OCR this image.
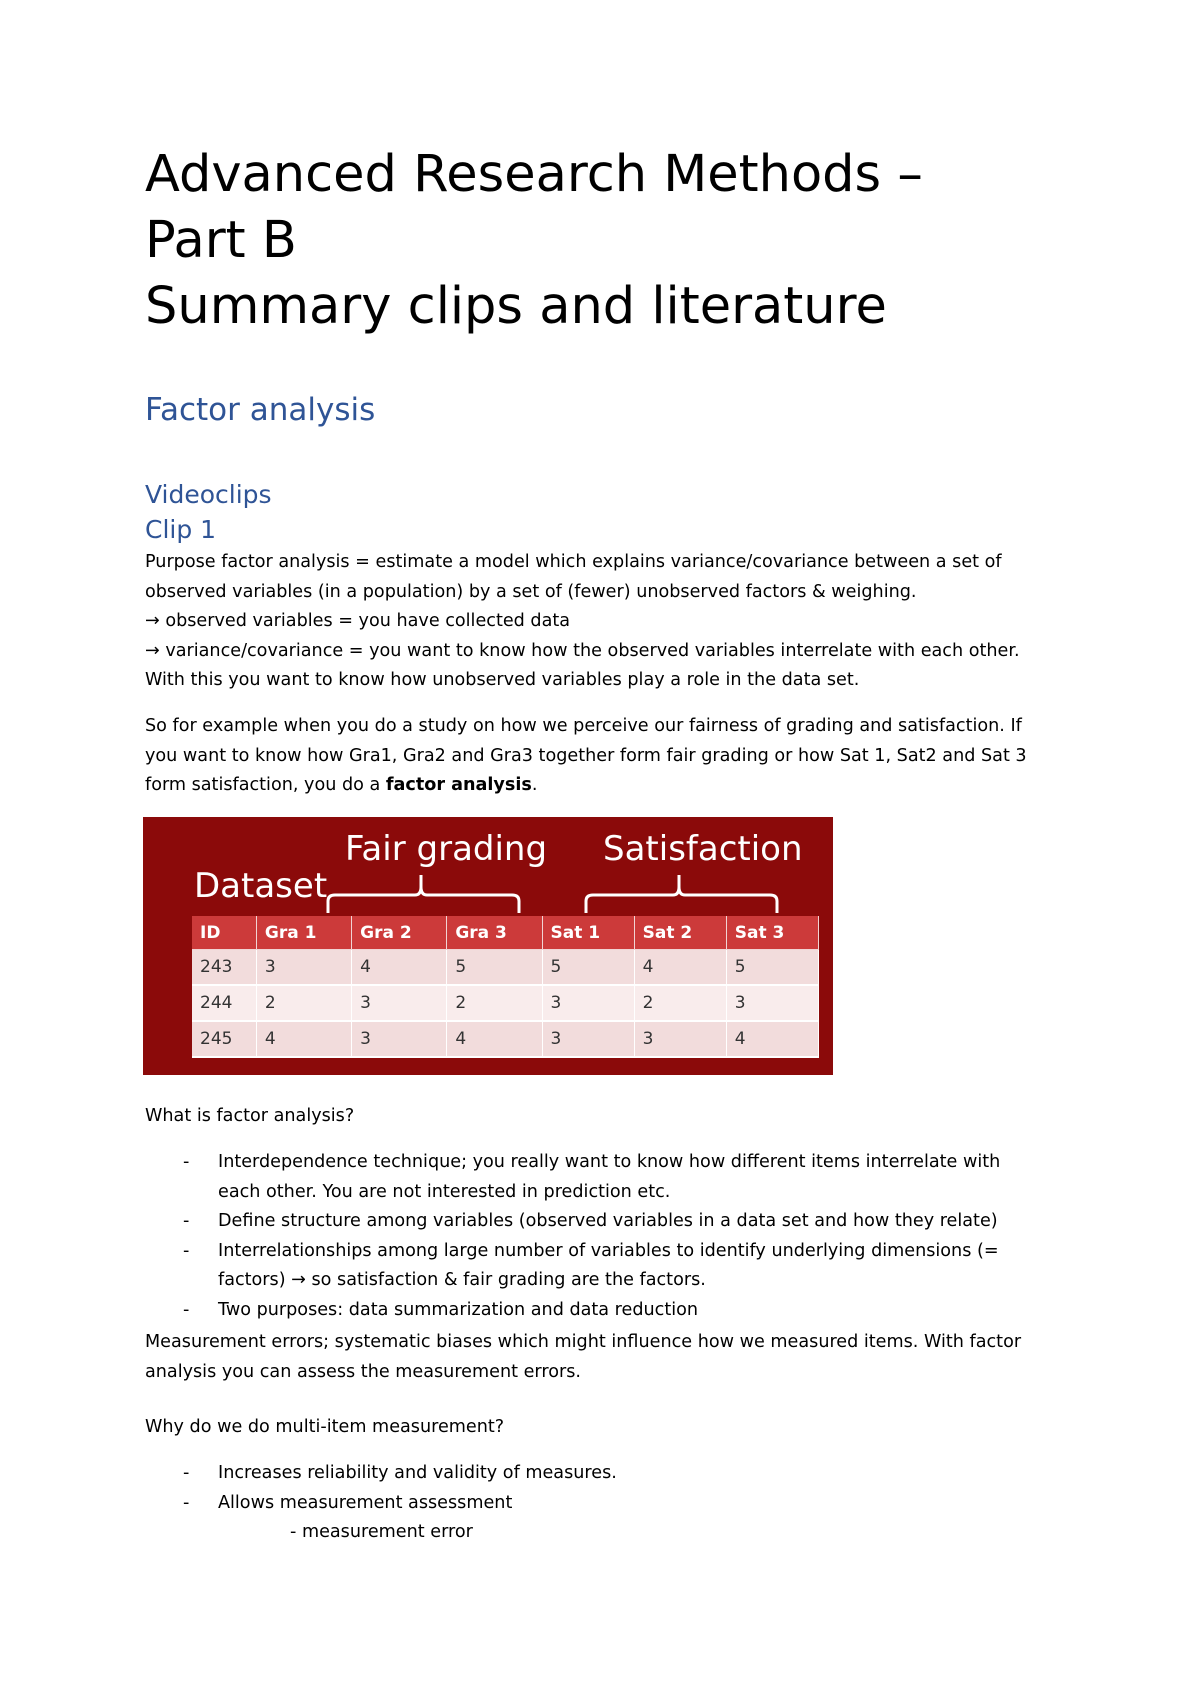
Advanced Research Methods –
Part B
Summary clips and literature
Factor analysis
Videoclips
Clip 1

Purpose factor analysis = estimate a model which explains variance/covariance between a set of
observed variables (in a population) by a set of (fewer) unobserved factors & weighing.
→ observed variables = you have collected data
→ variance/covariance = you want to know how the observed variables interrelate with each other.
With this you want to know how unobserved variables play a role in the data set.

So for example when you do a study on how we perceive our fairness of grading and satisfaction. If
you want to know how Gra1, Gra2 and Gra3 together form fair grading or how Sat 1, Sat2 and Sat 3
form satisfaction, you do a factor analysis.

Fair grading Satisfaction
Dataset
ID	Gra 1	Gra 2	Gra 3	Sat 1	Sat 2	Sat 3
243	3	4	5	5	4	5
244	2	3	2	3	2	3
245	4	3	4	3	3	4

What is factor analysis?

- Interdependence technique; you really want to know how different items interrelate with
each other. You are not interested in prediction etc.
- Define structure among variables (observed variables in a data set and how they relate)
- Interrelationships among large number of variables to identify underlying dimensions (=
factors) → so satisfaction & fair grading are the factors.
- Two purposes: data summarization and data reduction

Measurement errors; systematic biases which might influence how we measured items. With factor
analysis you can assess the measurement errors.

Why do we do multi-item measurement?

- Increases reliability and validity of measures.
- Allows measurement assessment
- measurement error
